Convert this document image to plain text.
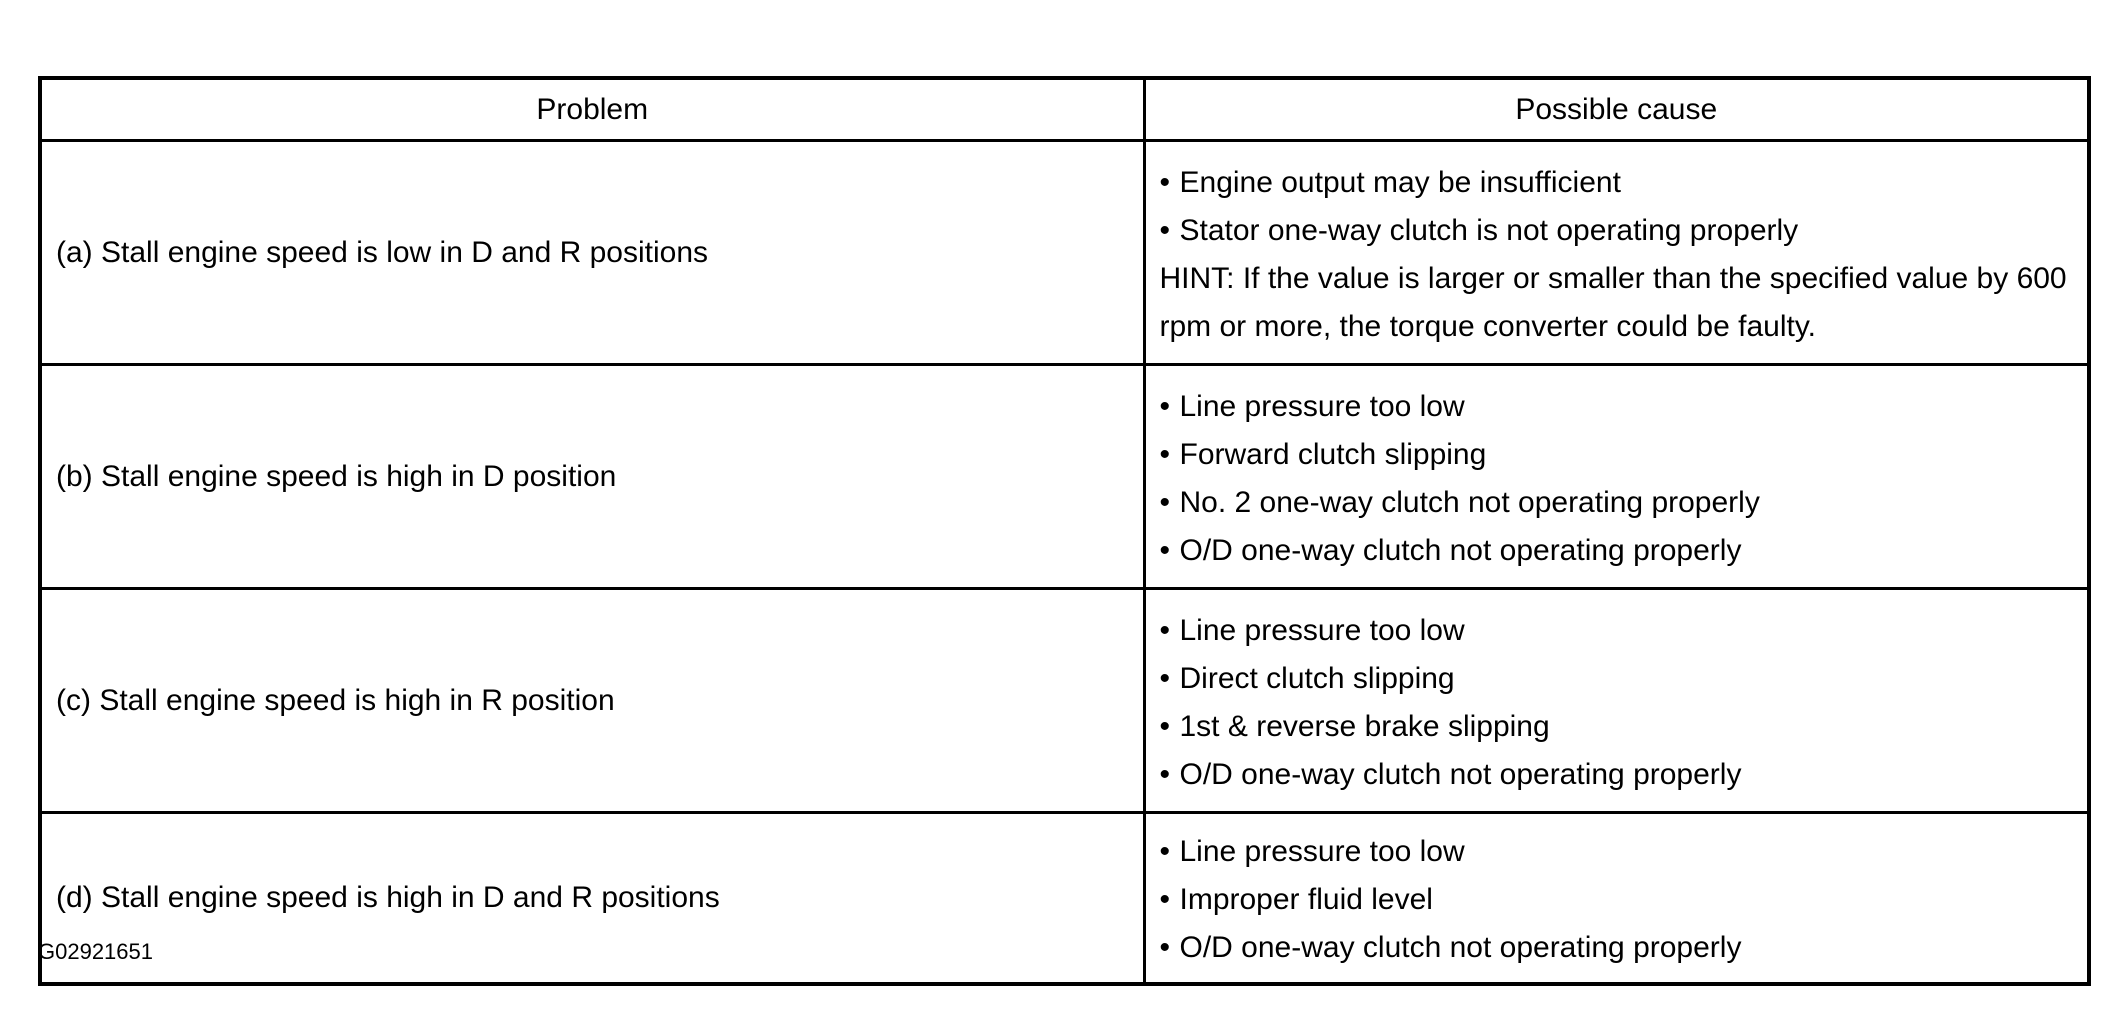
Problem	Possible cause
(a) Stall engine speed is low in D and R positions	• Engine output may be insufficient
• Stator one-way clutch is not operating properly
HINT: If the value is larger or smaller than the specified value by 600 rpm or more, the torque converter could be faulty.

(b) Stall engine speed is high in D position	• Line pressure too low
• Forward clutch slipping
• No. 2 one-way clutch not operating properly
• O/D one-way clutch not operating properly

(c) Stall engine speed is high in R position	• Line pressure too low
• Direct clutch slipping
• 1st & reverse brake slipping
• O/D one-way clutch not operating properly

(d) Stall engine speed is high in D and R positions	• Line pressure too low
• Improper fluid level
• O/D one-way clutch not operating properly
G02921651
